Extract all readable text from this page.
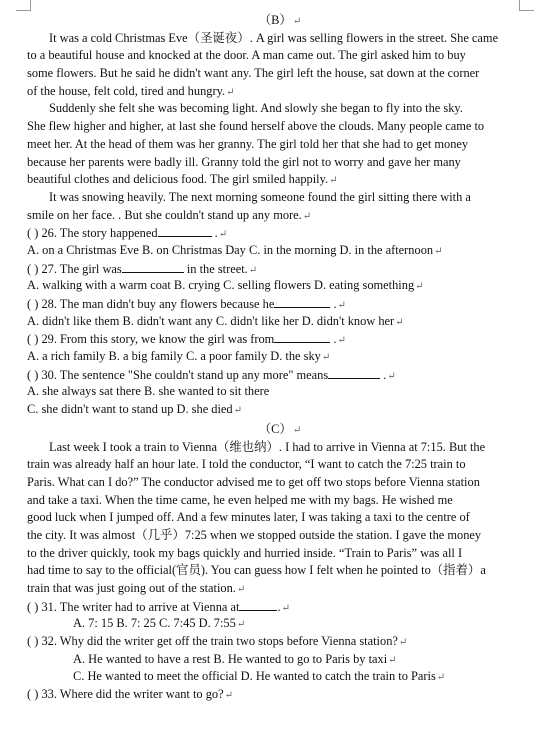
（B）↵
It was a cold Christmas Eve（圣诞夜）. A girl was selling flowers in the street. She came
to a beautiful house and knocked at the door. A man came out. The girl asked him to buy
some flowers. But he said he didn't want any. The girl left the house, sat down at the corner
of the house, felt cold, tired and hungry.↵
Suddenly she felt she was becoming light. And slowly she began to fly into the sky.
She flew higher and higher, at last she found herself above the clouds. Many people came to
meet her. At the head of them was her granny. The girl told her that she had to get money
because her parents were badly ill. Granny told the girl not to worry and gave her many
beautiful clothes and delicious food. The girl smiled happily.↵
It was snowing heavily. The next morning someone found the girl sitting there with a
smile on her face. . But she couldn't stand up any more.↵
( ) 26. The story happened	.↵
A. on a Christmas Eve B. on Christmas Day C. in the morning D. in the afternoon↵
( ) 27. The girl was	in the street.↵
A. walking with a warm coat B. crying C. selling flowers D. eating something↵
( ) 28. The man didn't buy any flowers because he	.↵
A. didn't like them B. didn't want any C. didn't like her D. didn't know her↵
( ) 29. From this story, we know the girl was from	.↵
A. a rich family B. a big family C. a poor family D. the sky↵
( ) 30. The sentence "She couldn't stand up any more" means	.↵
A. she always sat there B. she wanted to sit there
C. she didn't want to stand up D. she died↵
（C）↵
Last week I took a train to Vienna（维也纳）. I had to arrive in Vienna at 7:15. But the
train was already half an hour late. I told the conductor, “I want to catch the 7:25 train to
Paris. What can I do?” The conductor advised me to get off two stops before Vienna station
and take a taxi. When the time came, he even helped me with my bags. He wished me
good luck when I jumped off. And a few minutes later, I was taking a taxi to the centre of
the city. It was almost（几乎）7:25 when we stopped outside the station. I gave the money
to the driver quickly, took my bags quickly and hurried inside. “Train to Paris” was all I
had time to say to the official(官员). You can guess how I felt when he pointed to（指着）a
train that was just going out of the station.↵
( ) 31. The writer had to arrive at Vienna at	.↵
A. 7: 15 B. 7: 25 C. 7:45 D. 7:55↵
( ) 32. Why did the writer get off the train two stops before Vienna station?↵
A. He wanted to have a rest B. He wanted to go to Paris by taxi↵
C. He wanted to meet the official D. He wanted to catch the train to Paris↵
( ) 33. Where did the writer want to go?↵
